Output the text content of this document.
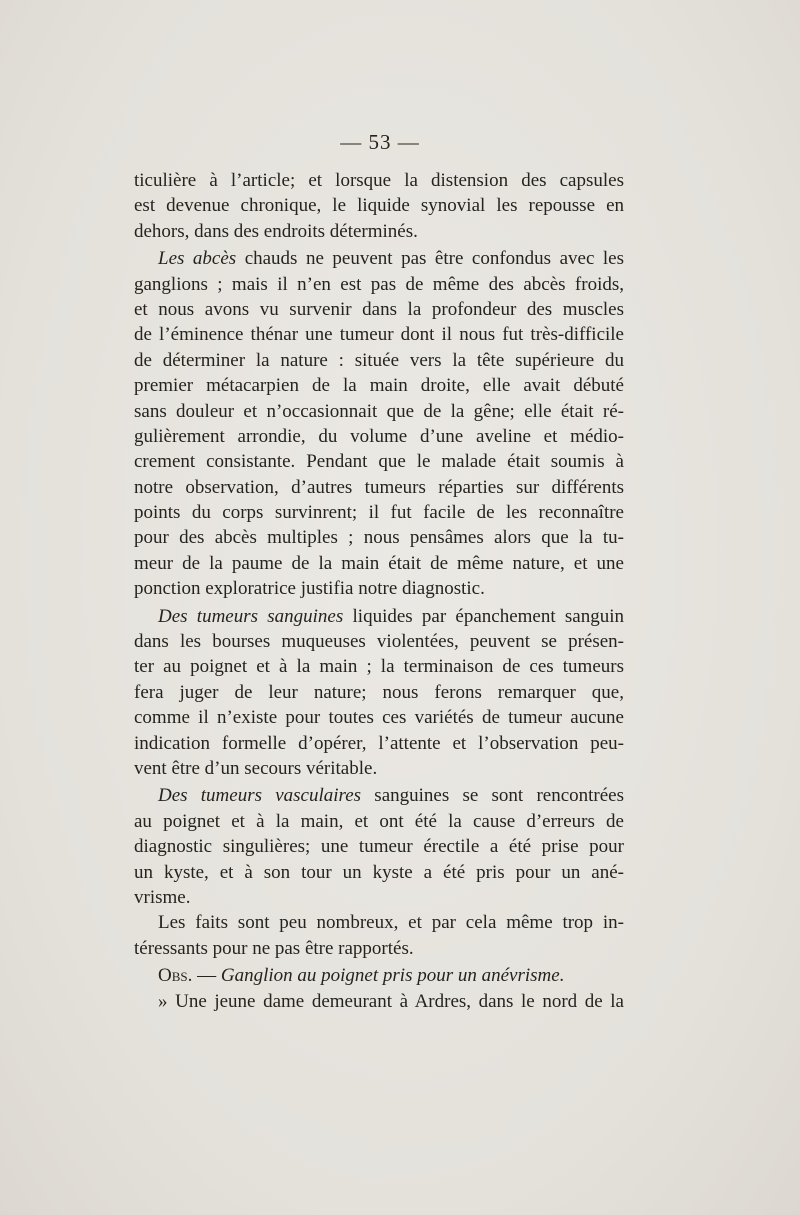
— 53 —
ticulière à l’article; et lorsque la distension des capsules
est devenue chronique, le liquide synovial les repousse en
dehors, dans des endroits déterminés.
Les abcès chauds ne peuvent pas être confondus avec les
ganglions ; mais il n’en est pas de même des abcès froids,
et nous avons vu survenir dans la profondeur des muscles
de l’éminence thénar une tumeur dont il nous fut très-difficile
de déterminer la nature : située vers la tête supérieure du
premier métacarpien de la main droite, elle avait débuté
sans douleur et n’occasionnait que de la gêne; elle était ré-
gulièrement arrondie, du volume d’une aveline et médio-
crement consistante. Pendant que le malade était soumis à
notre observation, d’autres tumeurs réparties sur différents
points du corps survinrent; il fut facile de les reconnaître
pour des abcès multiples ; nous pensâmes alors que la tu-
meur de la paume de la main était de même nature, et une
ponction exploratrice justifia notre diagnostic.
Des tumeurs sanguines liquides par épanchement sanguin
dans les bourses muqueuses violentées, peuvent se présen-
ter au poignet et à la main ; la terminaison de ces tumeurs
fera juger de leur nature; nous ferons remarquer que,
comme il n’existe pour toutes ces variétés de tumeur aucune
indication formelle d’opérer, l’attente et l’observation peu-
vent être d’un secours véritable.
Des tumeurs vasculaires sanguines se sont rencontrées
au poignet et à la main, et ont été la cause d’erreurs de
diagnostic singulières; une tumeur érectile a été prise pour
un kyste, et à son tour un kyste a été pris pour un ané-
vrisme.
Les faits sont peu nombreux, et par cela même trop in-
téressants pour ne pas être rapportés.
Obs. — Ganglion au poignet pris pour un anévrisme.
» Une jeune dame demeurant à Ardres, dans le nord de la
